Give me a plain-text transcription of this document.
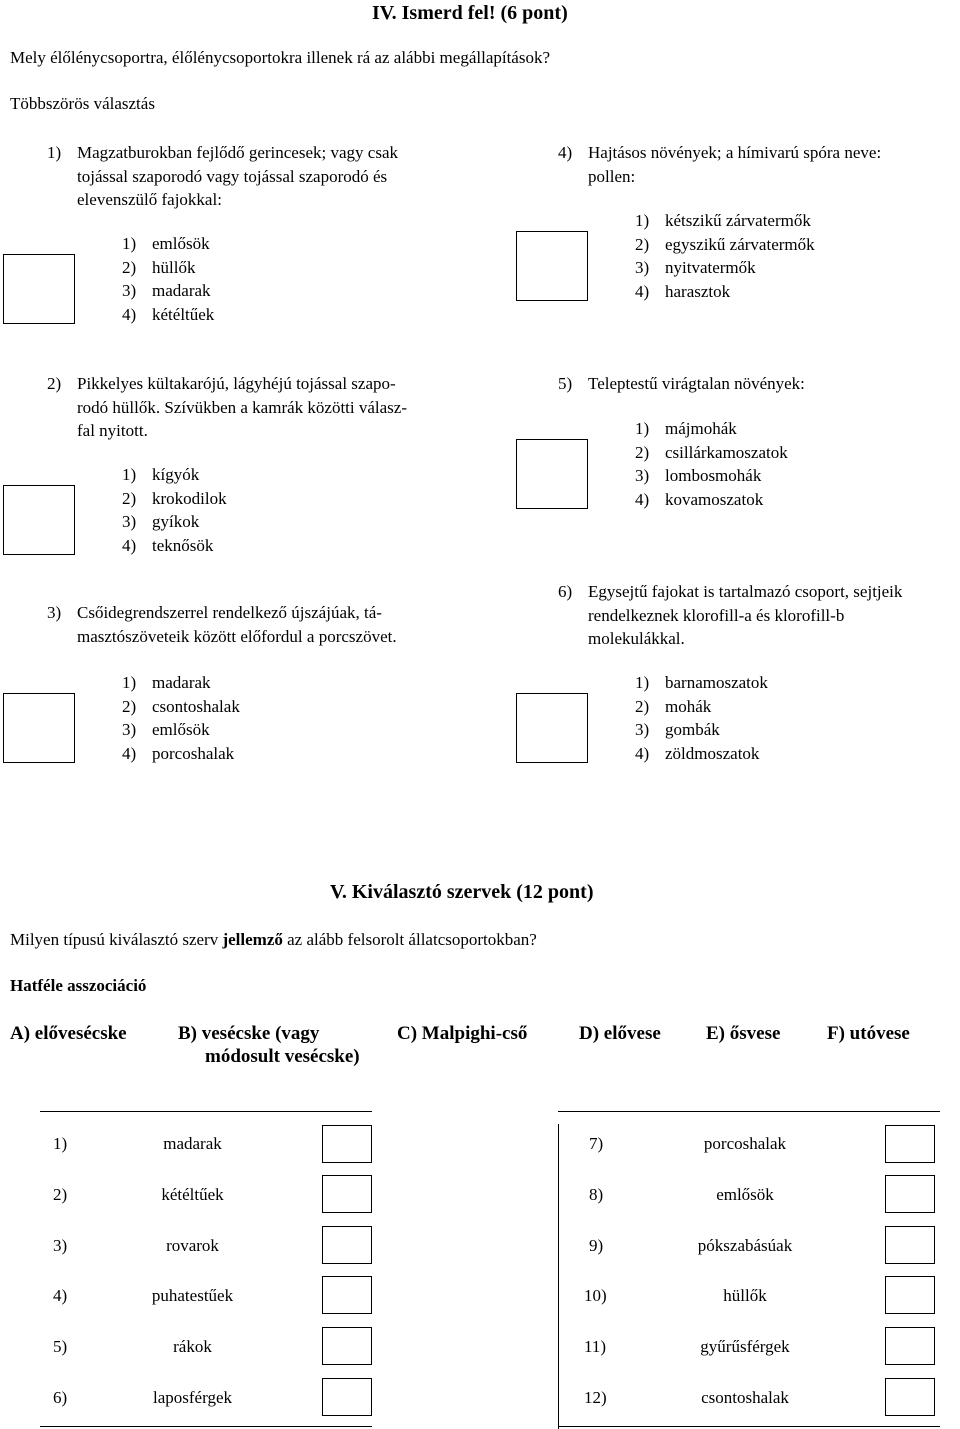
IV. Ismerd fel! (6 pont)
Mely élőlénycsoportra, élőlénycsoportokra illenek rá az alábbi megállapítások?
Többszörös választás
1) Magzatburokban fejlődő gerincesek; vagy csak
tojással szaporodó vagy tojással szaporodó és
elevenszülő fajokkal:
1) emlősök
2) hüllők
3) madarak
4) kétéltűek
4) Hajtásos növények; a hímivarú spóra neve:
pollen:
1) kétszikű zárvatermők
2) egyszikű zárvatermők
3) nyitvatermők
4) harasztok
2) Pikkelyes kültakarójú, lágyhéjú tojással szapo-
rodó hüllők. Szívükben a kamrák közötti válasz-
fal nyitott.
1) kígyók
2) krokodilok
3) gyíkok
4) teknősök
5) Teleptestű virágtalan növények:
1) májmohák
2) csillárkamoszatok
3) lombosmohák
4) kovamoszatok
3) Csőidegrendszerrel rendelkező újszájúak, tá-
masztószöveteik között előfordul a porcszövet.
1) madarak
2) csontoshalak
3) emlősök
4) porcoshalak
6) Egysejtű fajokat is tartalmazó csoport, sejtjeik
rendelkeznek klorofill-a és klorofill-b
molekulákkal.
1) barnamoszatok
2) mohák
3) gombák
4) zöldmoszatok
V. Kiválasztó szervek (12 pont)
Milyen típusú kiválasztó szerv jellemző az alább felsorolt állatcsoportokban?
Hatféle asszociáció
A) elővesécske	B) vesécske (vagy
módosult vesécske)
C) Malpighi-cső	D) elővese E) ősvese F) utóvese
1)	madarak
2)	kétéltűek
3)	rovarok
4)	puhatestűek
5)	rákok
6)	laposférgek
7)	porcoshalak
8)	emlősök
9)	pókszabásúak
10)	hüllők
11)	gyűrűsférgek
12)	csontoshalak
